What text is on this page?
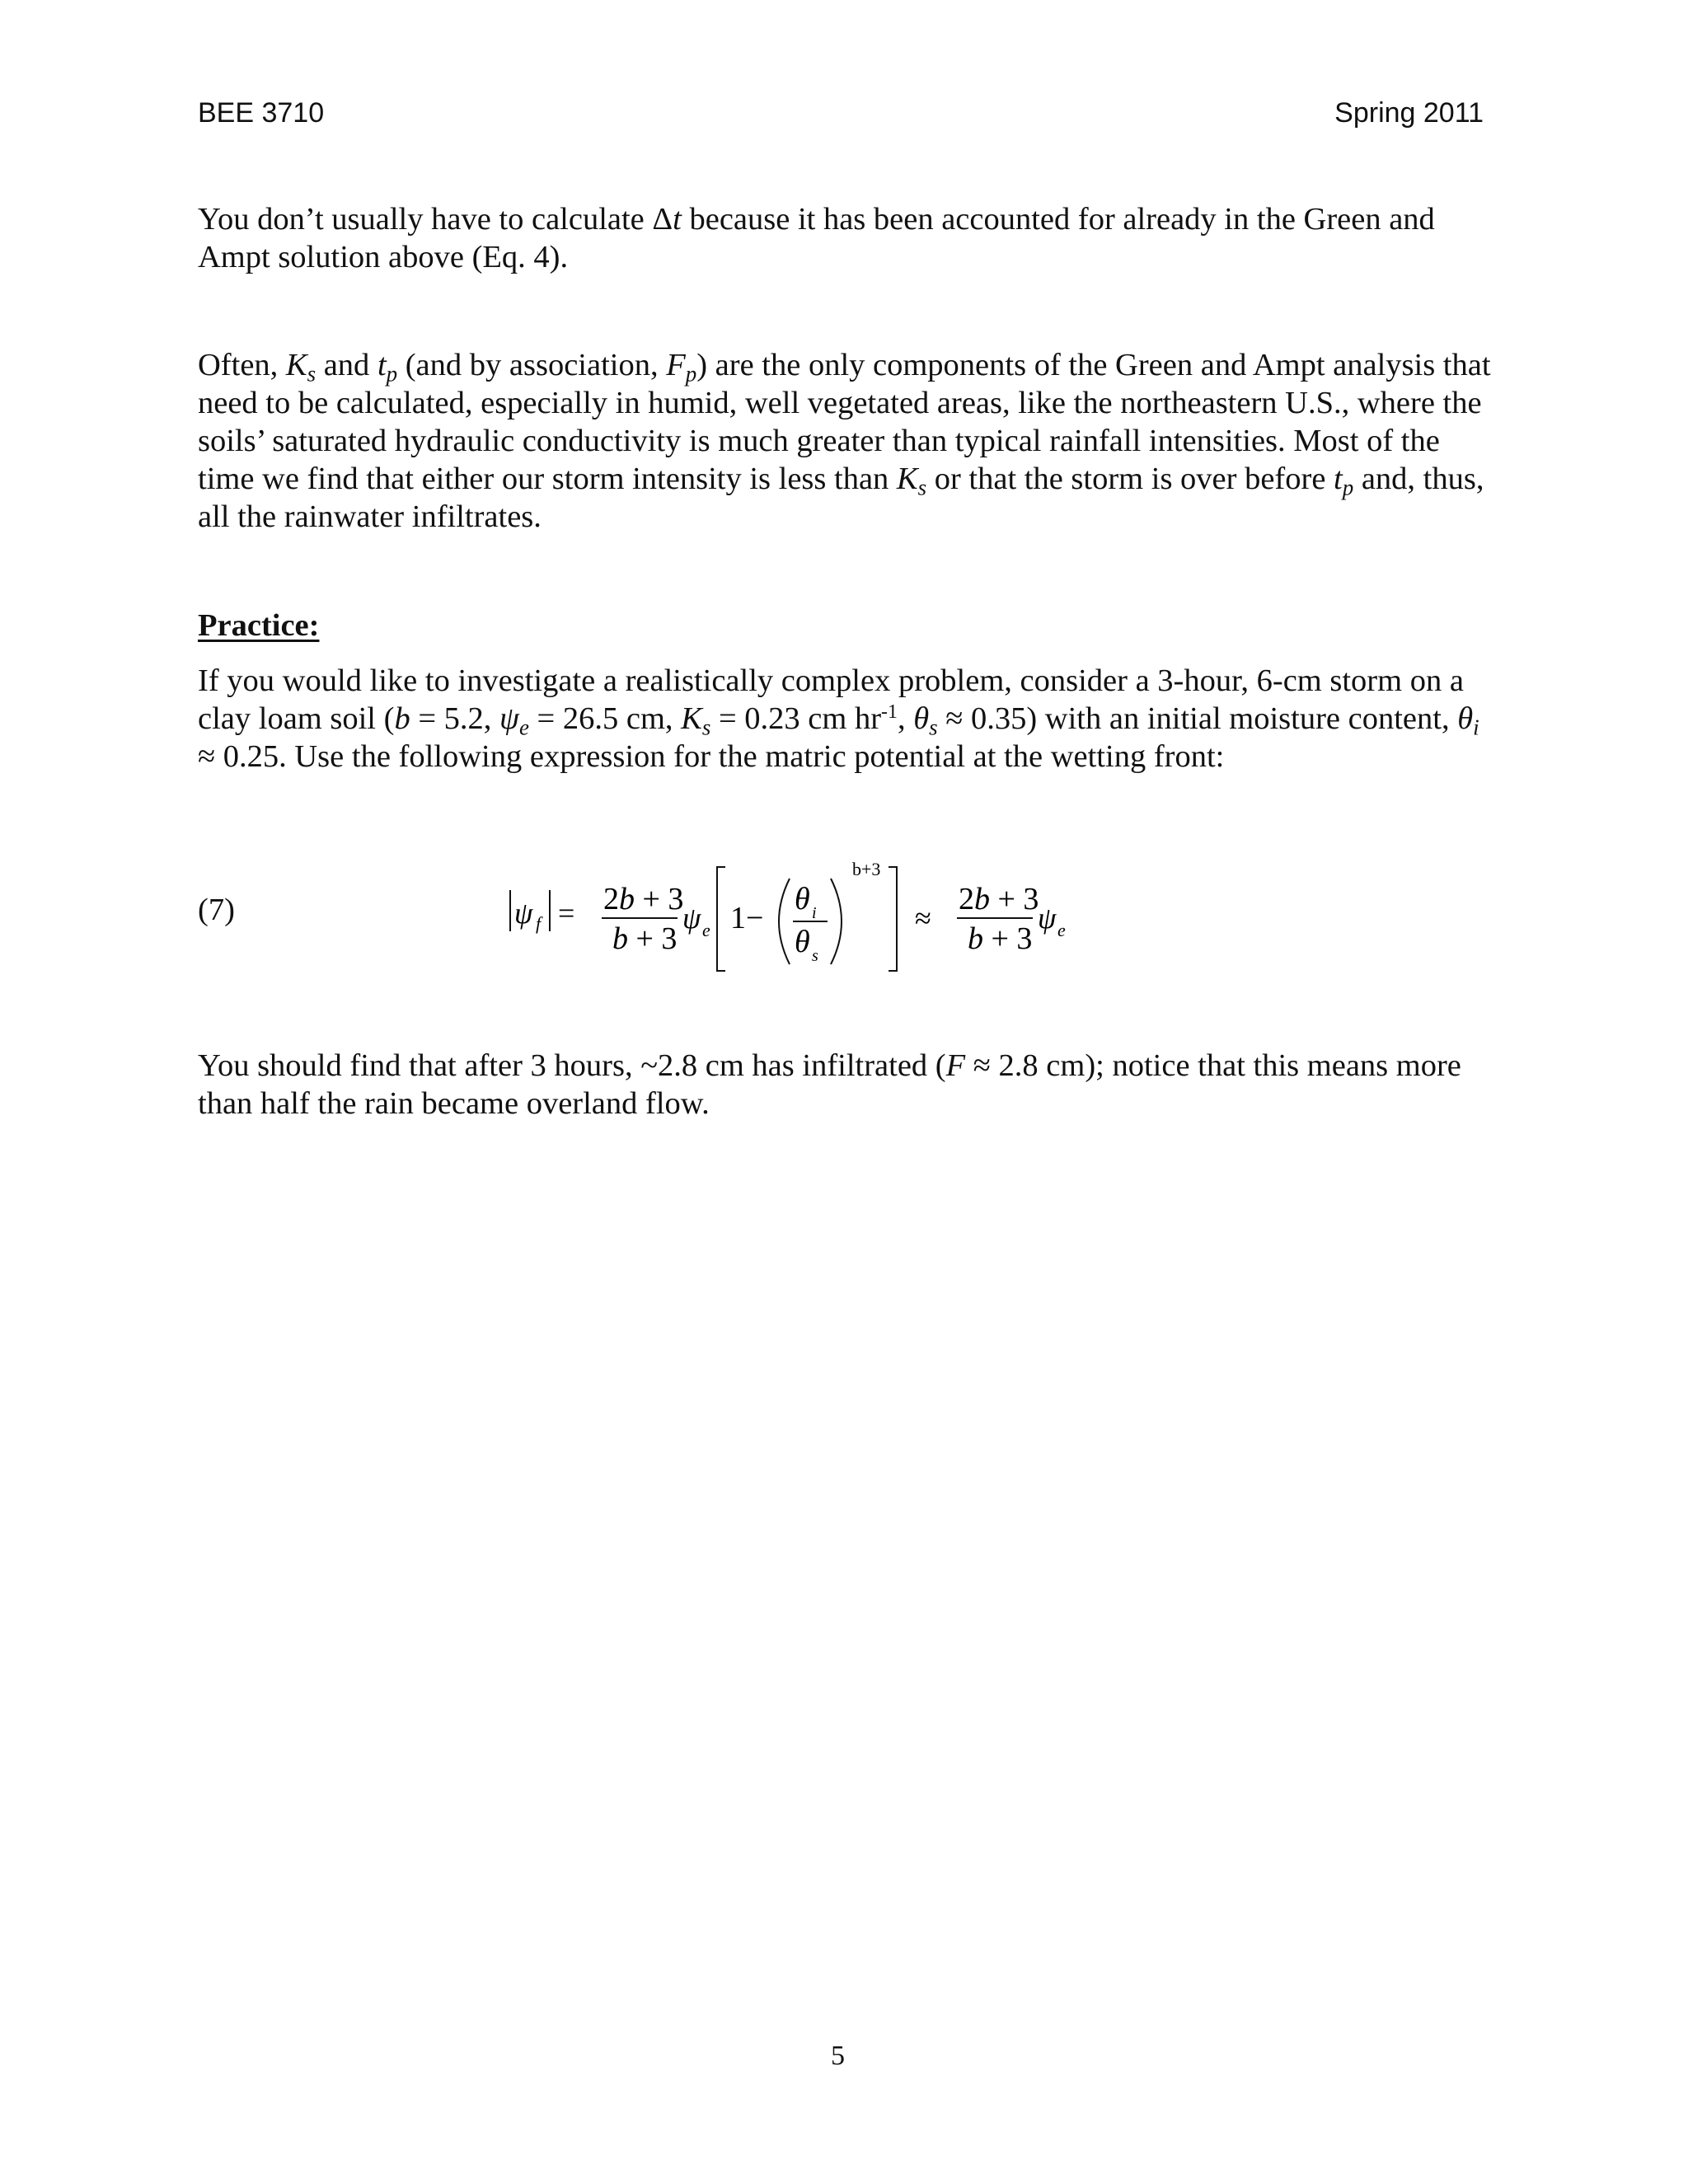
BEE 3710	Spring 2011

You don’t usually have to calculate Δt because it has been accounted for already in the Green and Ampt solution above (Eq. 4).

Often, $K_s$ and $t_p$ (and by association, $F_p$) are the only components of the Green and Ampt analysis that need to be calculated, especially in humid, well vegetated areas, like the northeastern U.S., where the soils’ saturated hydraulic conductivity is much greater than typical rainfall intensities. Most of the time we find that either our storm intensity is less than $K_s$ or that the storm is over before $t_p$ and, thus, all the rainwater infiltrates.

Practice:

If you would like to investigate a realistically complex problem, consider a 3-hour, 6-cm storm on a clay loam soil (b = 5.2, $\psi_e = 26.5$ cm, $K_s = 0.23$ cm $hr^{-1}$, $\theta_s \approx 0.35$) with an initial moisture content, $\theta_i \approx 0.25$. Use the following expression for the matric potential at the wetting front:

(7)	ψ f = 2b + 3
b + 3
ψ e 1−
θ i
θ s
b+3
≈
2b + 3
b + 3
ψ e

You should find that after 3 hours, ~2.8 cm has infiltrated (F ≈ 2.8 cm); notice that this means more than half the rain became overland flow.

5
